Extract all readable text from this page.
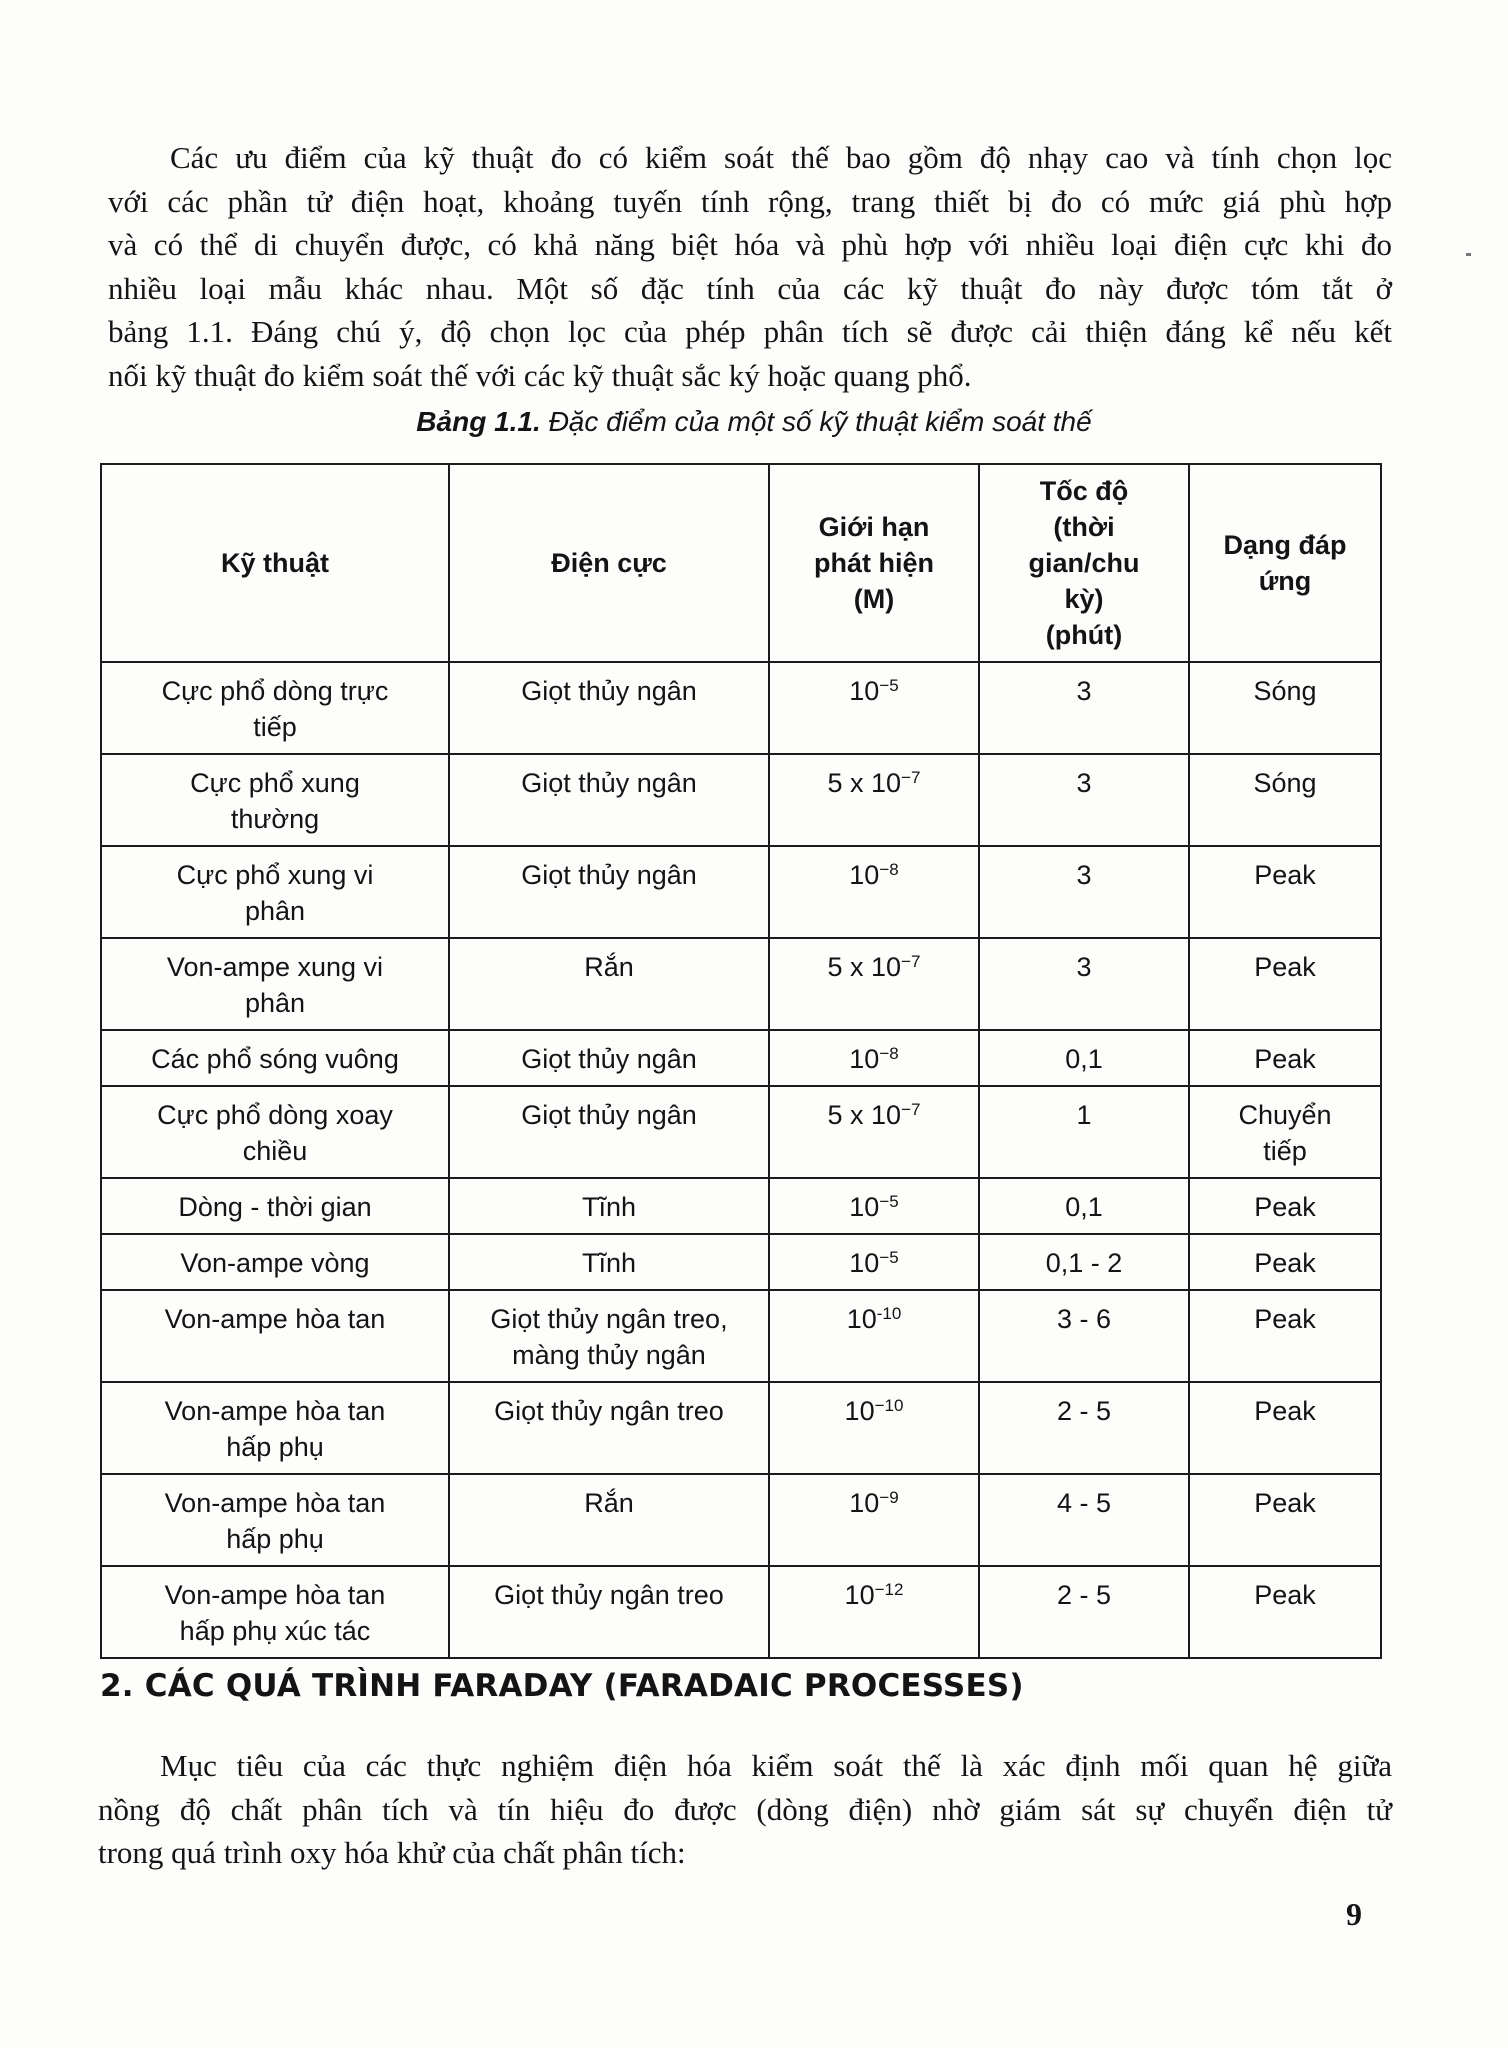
Các ưu điểm của kỹ thuật đo có kiểm soát thế bao gồm độ nhạy cao và tính chọn lọc
với các phần tử điện hoạt, khoảng tuyến tính rộng, trang thiết bị đo có mức giá phù hợp
và có thể di chuyển được, có khả năng biệt hóa và phù hợp với nhiều loại điện cực khi đo
nhiều loại mẫu khác nhau. Một số đặc tính của các kỹ thuật đo này được tóm tắt ở
bảng 1.1. Đáng chú ý, độ chọn lọc của phép phân tích sẽ được cải thiện đáng kể nếu kết
nối kỹ thuật đo kiểm soát thế với các kỹ thuật sắc ký hoặc quang phổ.

Bảng 1.1. Đặc điểm của một số kỹ thuật kiểm soát thế

Kỹ thuật	Điện cực	Giới hạn
phát hiện
(M)	Tốc độ
(thời
gian/chu
kỳ)
(phút)	Dạng đáp
ứng
Cực phổ dòng trực
tiếp	Giọt thủy ngân	$10^{-5}$	3	Sóng
Cực phổ xung
thường	Giọt thủy ngân	5 x $10^{-7}$	3	Sóng
Cực phổ xung vi
phân	Giọt thủy ngân	$10^{-8}$	3	Peak
Von-ampe xung vi
phân	Rắn	5 x $10^{-7}$	3	Peak
Các phổ sóng vuông	Giọt thủy ngân	$10^{-8}$	0,1	Peak
Cực phổ dòng xoay
chiều	Giọt thủy ngân	5 x $10^{-7}$	1	Chuyển
tiếp
Dòng - thời gian	Tĩnh	$10^{-5}$	0,1	Peak
Von-ampe vòng	Tĩnh	$10^{-5}$	0,1 - 2	Peak
Von-ampe hòa tan	Giọt thủy ngân treo,
màng thủy ngân	$10^{-10}$	3 - 6	Peak
Von-ampe hòa tan
hấp phụ	Giọt thủy ngân treo	$10^{-10}$	2 - 5	Peak
Von-ampe hòa tan
hấp phụ	Rắn	$10^{-9}$	4 - 5	Peak
Von-ampe hòa tan
hấp phụ xúc tác	Giọt thủy ngân treo	$10^{-12}$	2 - 5	Peak
2. CÁC QUÁ TRÌNH FARADAY (FARADAIC PROCESSES)

Mục tiêu của các thực nghiệm điện hóa kiểm soát thế là xác định mối quan hệ giữa
nồng độ chất phân tích và tín hiệu đo được (dòng điện) nhờ giám sát sự chuyển điện tử
trong quá trình oxy hóa khử của chất phân tích:

9
